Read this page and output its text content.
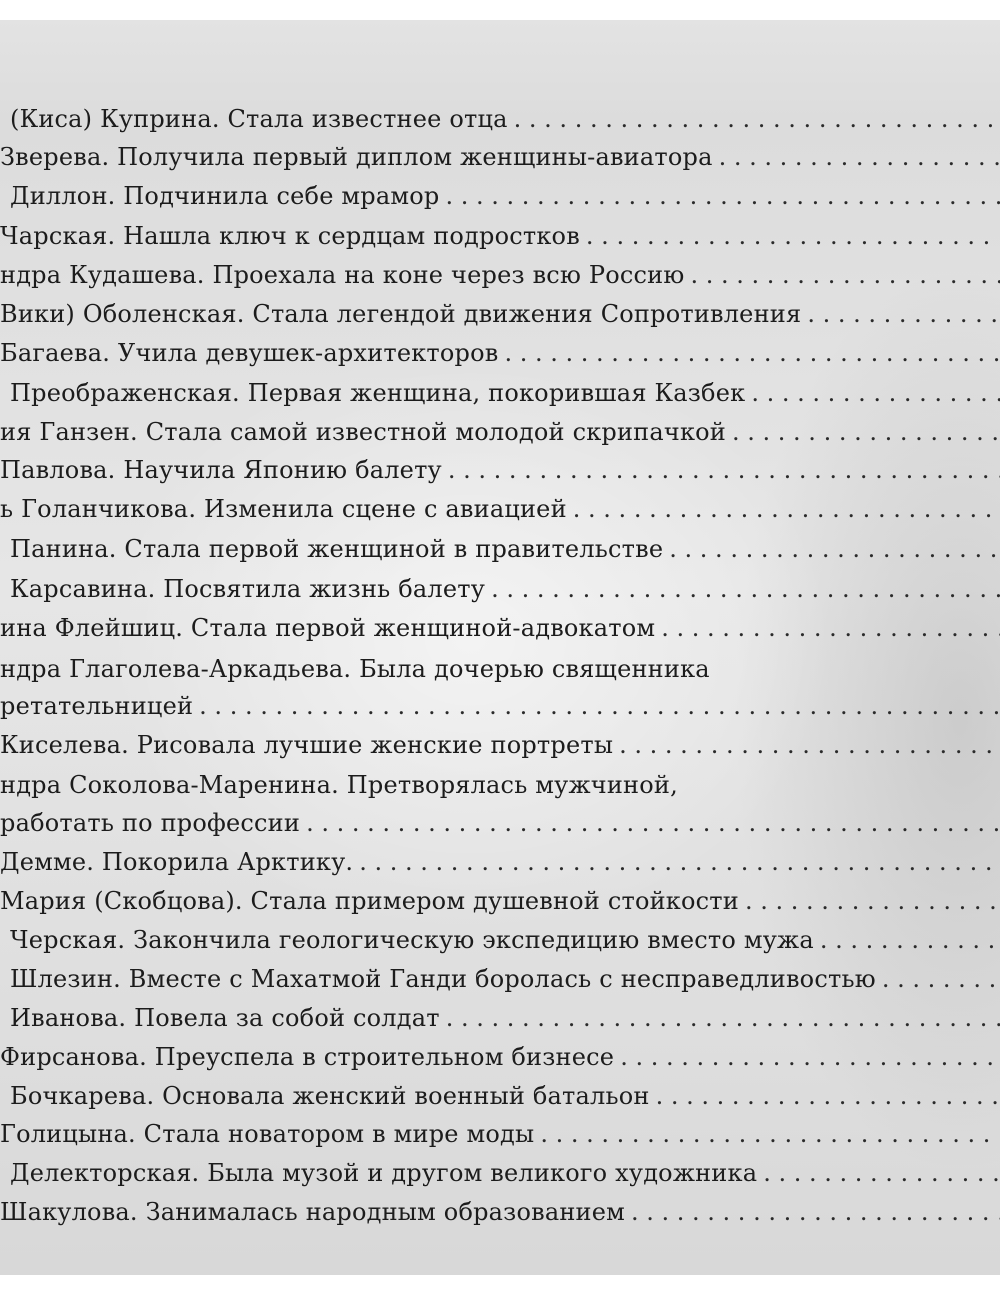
(Киса) Куприна. Стала известнее отца
. . .
Зверева. Получила первый диплом женщины-авиатора
. . .
Диллон. Подчинила себе мрамор
. . .
Чарская. Нашла ключ к сердцам подростков
. . .
ндра Кудашева. Проехала на коне через всю Россию
. . .
Вики) Оболенская. Стала легендой движения Сопротивления
. . .
Багаева. Учила девушек-архитекторов
. . .
Преображенская. Первая женщина, покорившая Казбек
. . .
ия Ганзен. Стала самой известной молодой скрипачкой
. . .
Павлова. Научила Японию балету
. . .
ь Голанчикова. Изменила сцене с авиацией
. . .
Панина. Стала первой женщиной в правительстве
. . .
Карсавина. Посвятила жизнь балету
. . .
ина Флейшиц. Стала первой женщиной-адвокатом
. . .
ндра Глаголева-Аркадьева. Была дочерью священника
ретательницей
. . .
Киселева. Рисовала лучшие женские портреты
. . .
ндра Соколова-Маренина. Претворялась мужчиной,
работать по профессии
. . .
Демме. Покорила Арктику.
. . .
Мария (Скобцова). Стала примером душевной стойкости
. . .
Черская. Закончила геологическую экспедицию вместо мужа
. . .
Шлезин. Вместе с Махатмой Ганди боролась с несправедливостью
. . .
Иванова. Повела за собой солдат
. . .
Фирсанова. Преуспела в строительном бизнесе
. . .
Бочкарева. Основала женский военный батальон
. . .
Голицына. Стала новатором в мире моды
. . .
Делекторская. Была музой и другом великого художника
. . .
Шакулова. Занималась народным образованием
. . .
